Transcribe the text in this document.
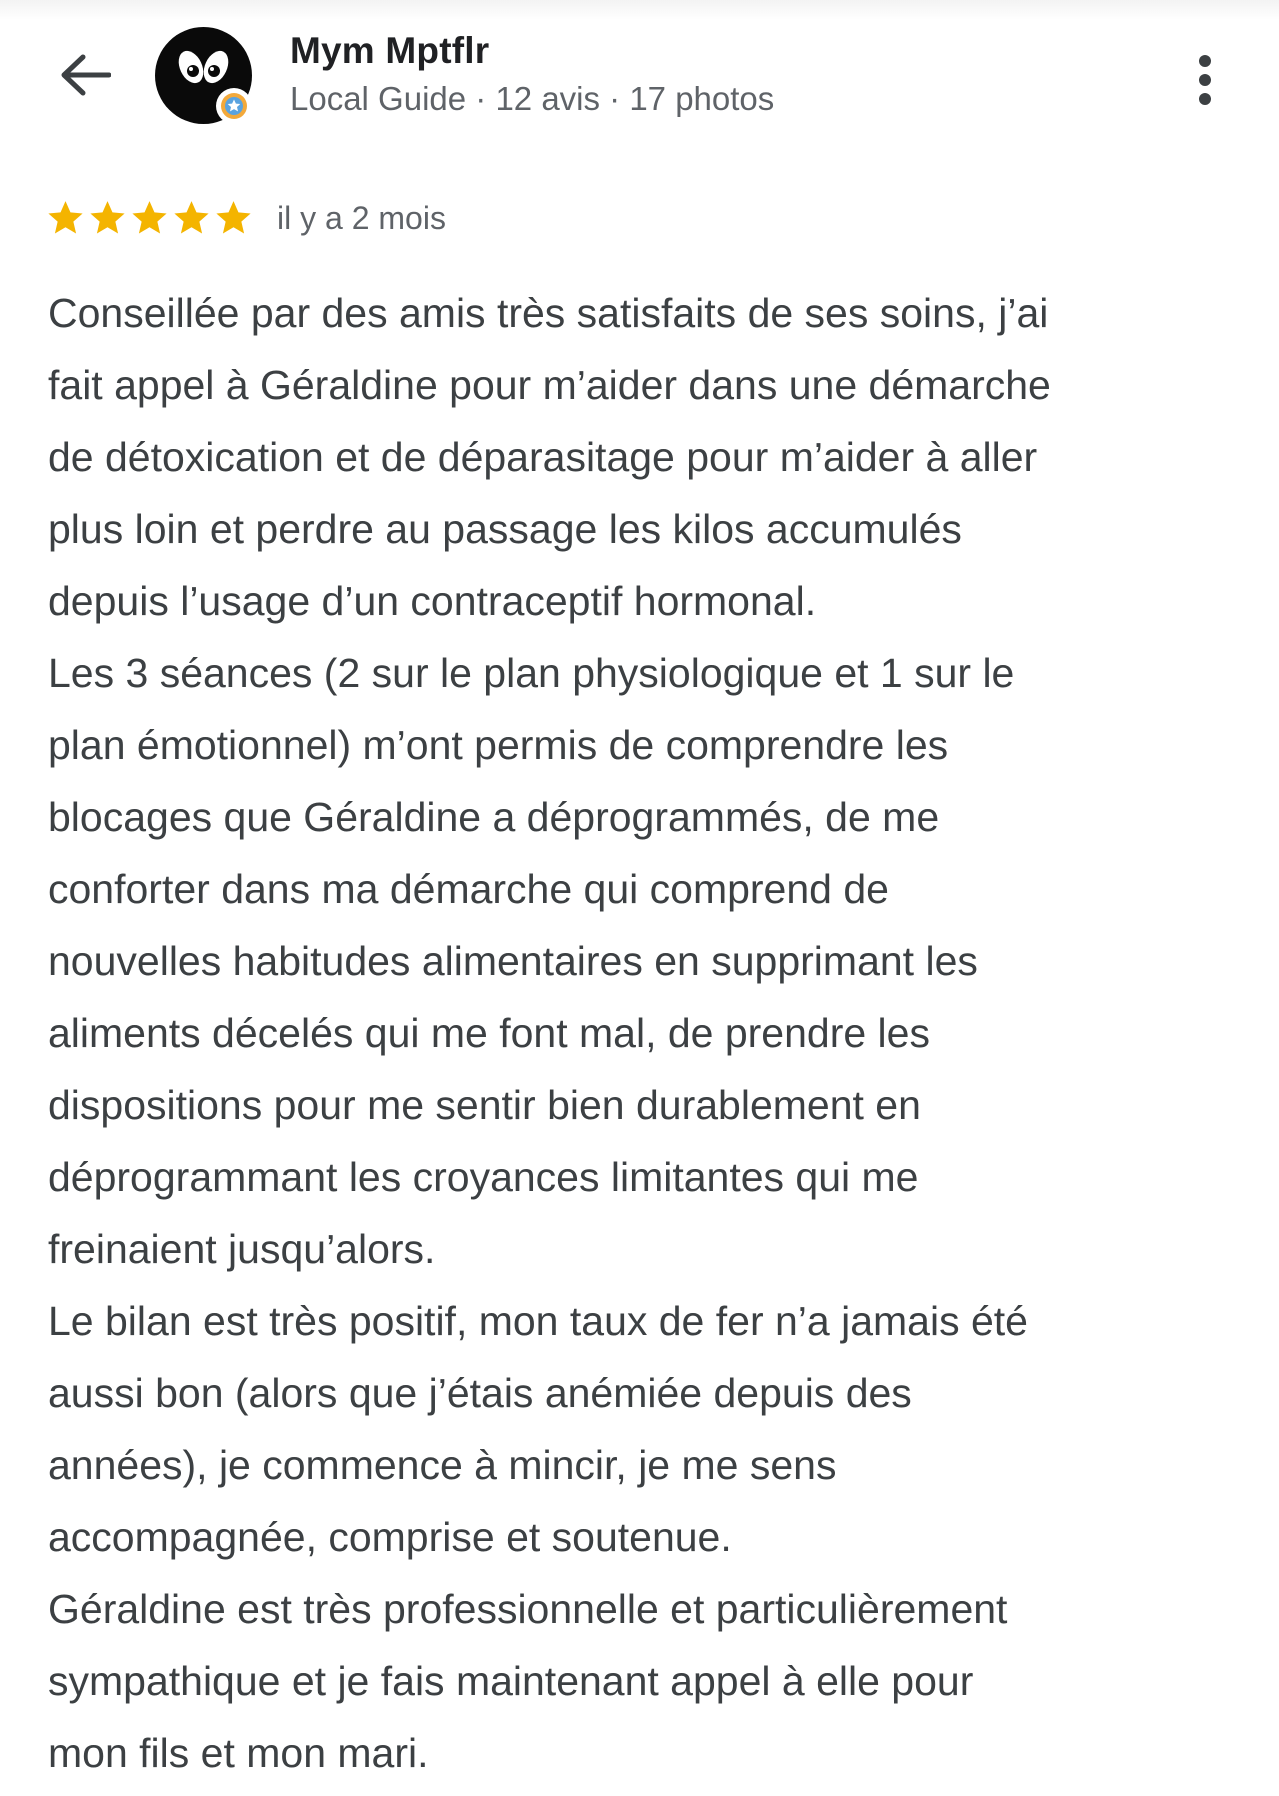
Mym Mptflr
Local Guide · 12 avis · 17 photos
il y a 2 mois

Conseillée par des amis très satisfaits de ses soins, j’ai
fait appel à Géraldine pour m’aider dans une démarche
de détoxication et de déparasitage pour m’aider à aller
plus loin et perdre au passage les kilos accumulés
depuis l’usage d’un contraceptif hormonal.

Les 3 séances (2 sur le plan physiologique et 1 sur le
plan émotionnel) m’ont permis de comprendre les
blocages que Géraldine a déprogrammés, de me
conforter dans ma démarche qui comprend de
nouvelles habitudes alimentaires en supprimant les
aliments décelés qui me font mal, de prendre les
dispositions pour me sentir bien durablement en
déprogrammant les croyances limitantes qui me
freinaient jusqu’alors.

Le bilan est très positif, mon taux de fer n’a jamais été
aussi bon (alors que j’étais anémiée depuis des
années), je commence à mincir, je me sens
accompagnée, comprise et soutenue.

Géraldine est très professionnelle et particulièrement
sympathique et je fais maintenant appel à elle pour
mon fils et mon mari.
